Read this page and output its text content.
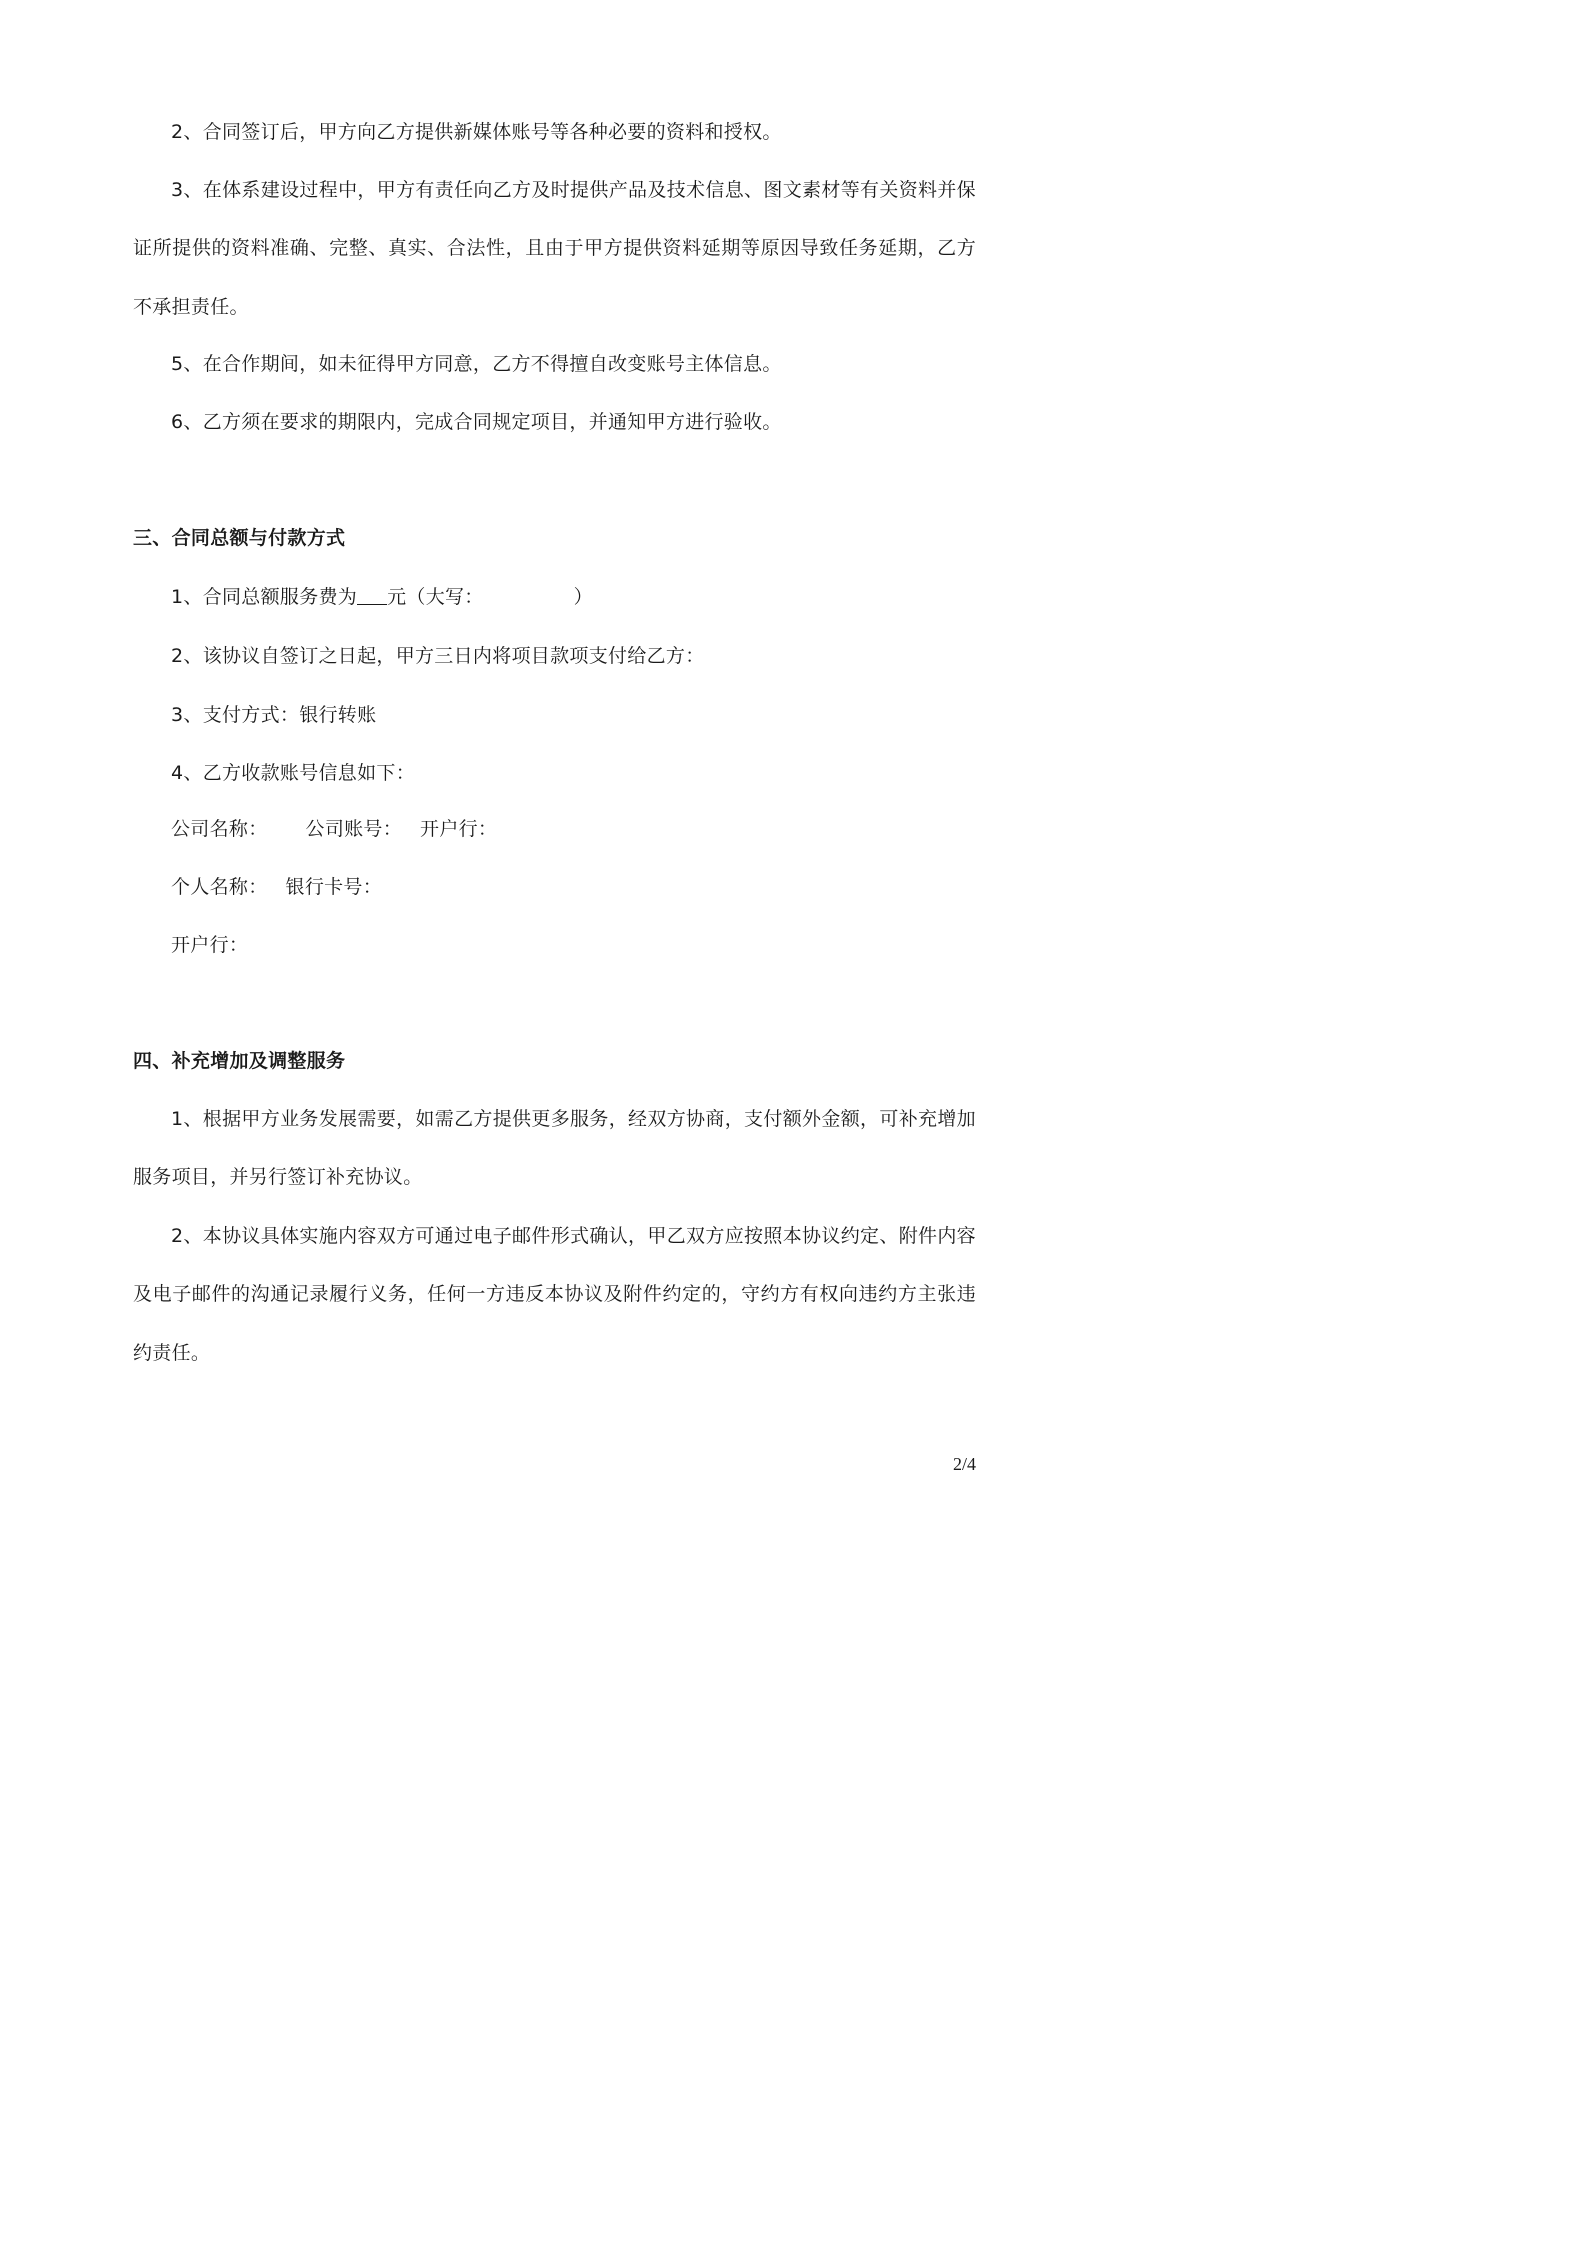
2、合同签订后，甲方向乙方提供新媒体账号等各种必要的资料和授权。
3、在体系建设过程中，甲方有责任向乙方及时提供产品及技术信息、图文素材等有关资料并保
证所提供的资料准确、完整、真实、合法性，且由于甲方提供资料延期等原因导致任务延期，乙方
不承担责任。
5、在合作期间，如未征得甲方同意，乙方不得擅自改变账号主体信息。
6、乙方须在要求的期限内，完成合同规定项目，并通知甲方进行验收。
三、合同总额与付款方式
1、合同总额服务费为 元（大写：	）
2、该协议自签订之日起，甲方三日内将项目款项支付给乙方：
3、支付方式：银行转账
4、乙方收款账号信息如下：
公司名称： 公司账号： 开户行：
个人名称： 银行卡号：
开户行：
四、补充增加及调整服务
1、根据甲方业务发展需要，如需乙方提供更多服务，经双方协商，支付额外金额，可补充增加
服务项目，并另行签订补充协议。
2、本协议具体实施内容双方可通过电子邮件形式确认，甲乙双方应按照本协议约定、附件内容
及电子邮件的沟通记录履行义务，任何一方违反本协议及附件约定的，守约方有权向违约方主张违
约责任。
2/4
